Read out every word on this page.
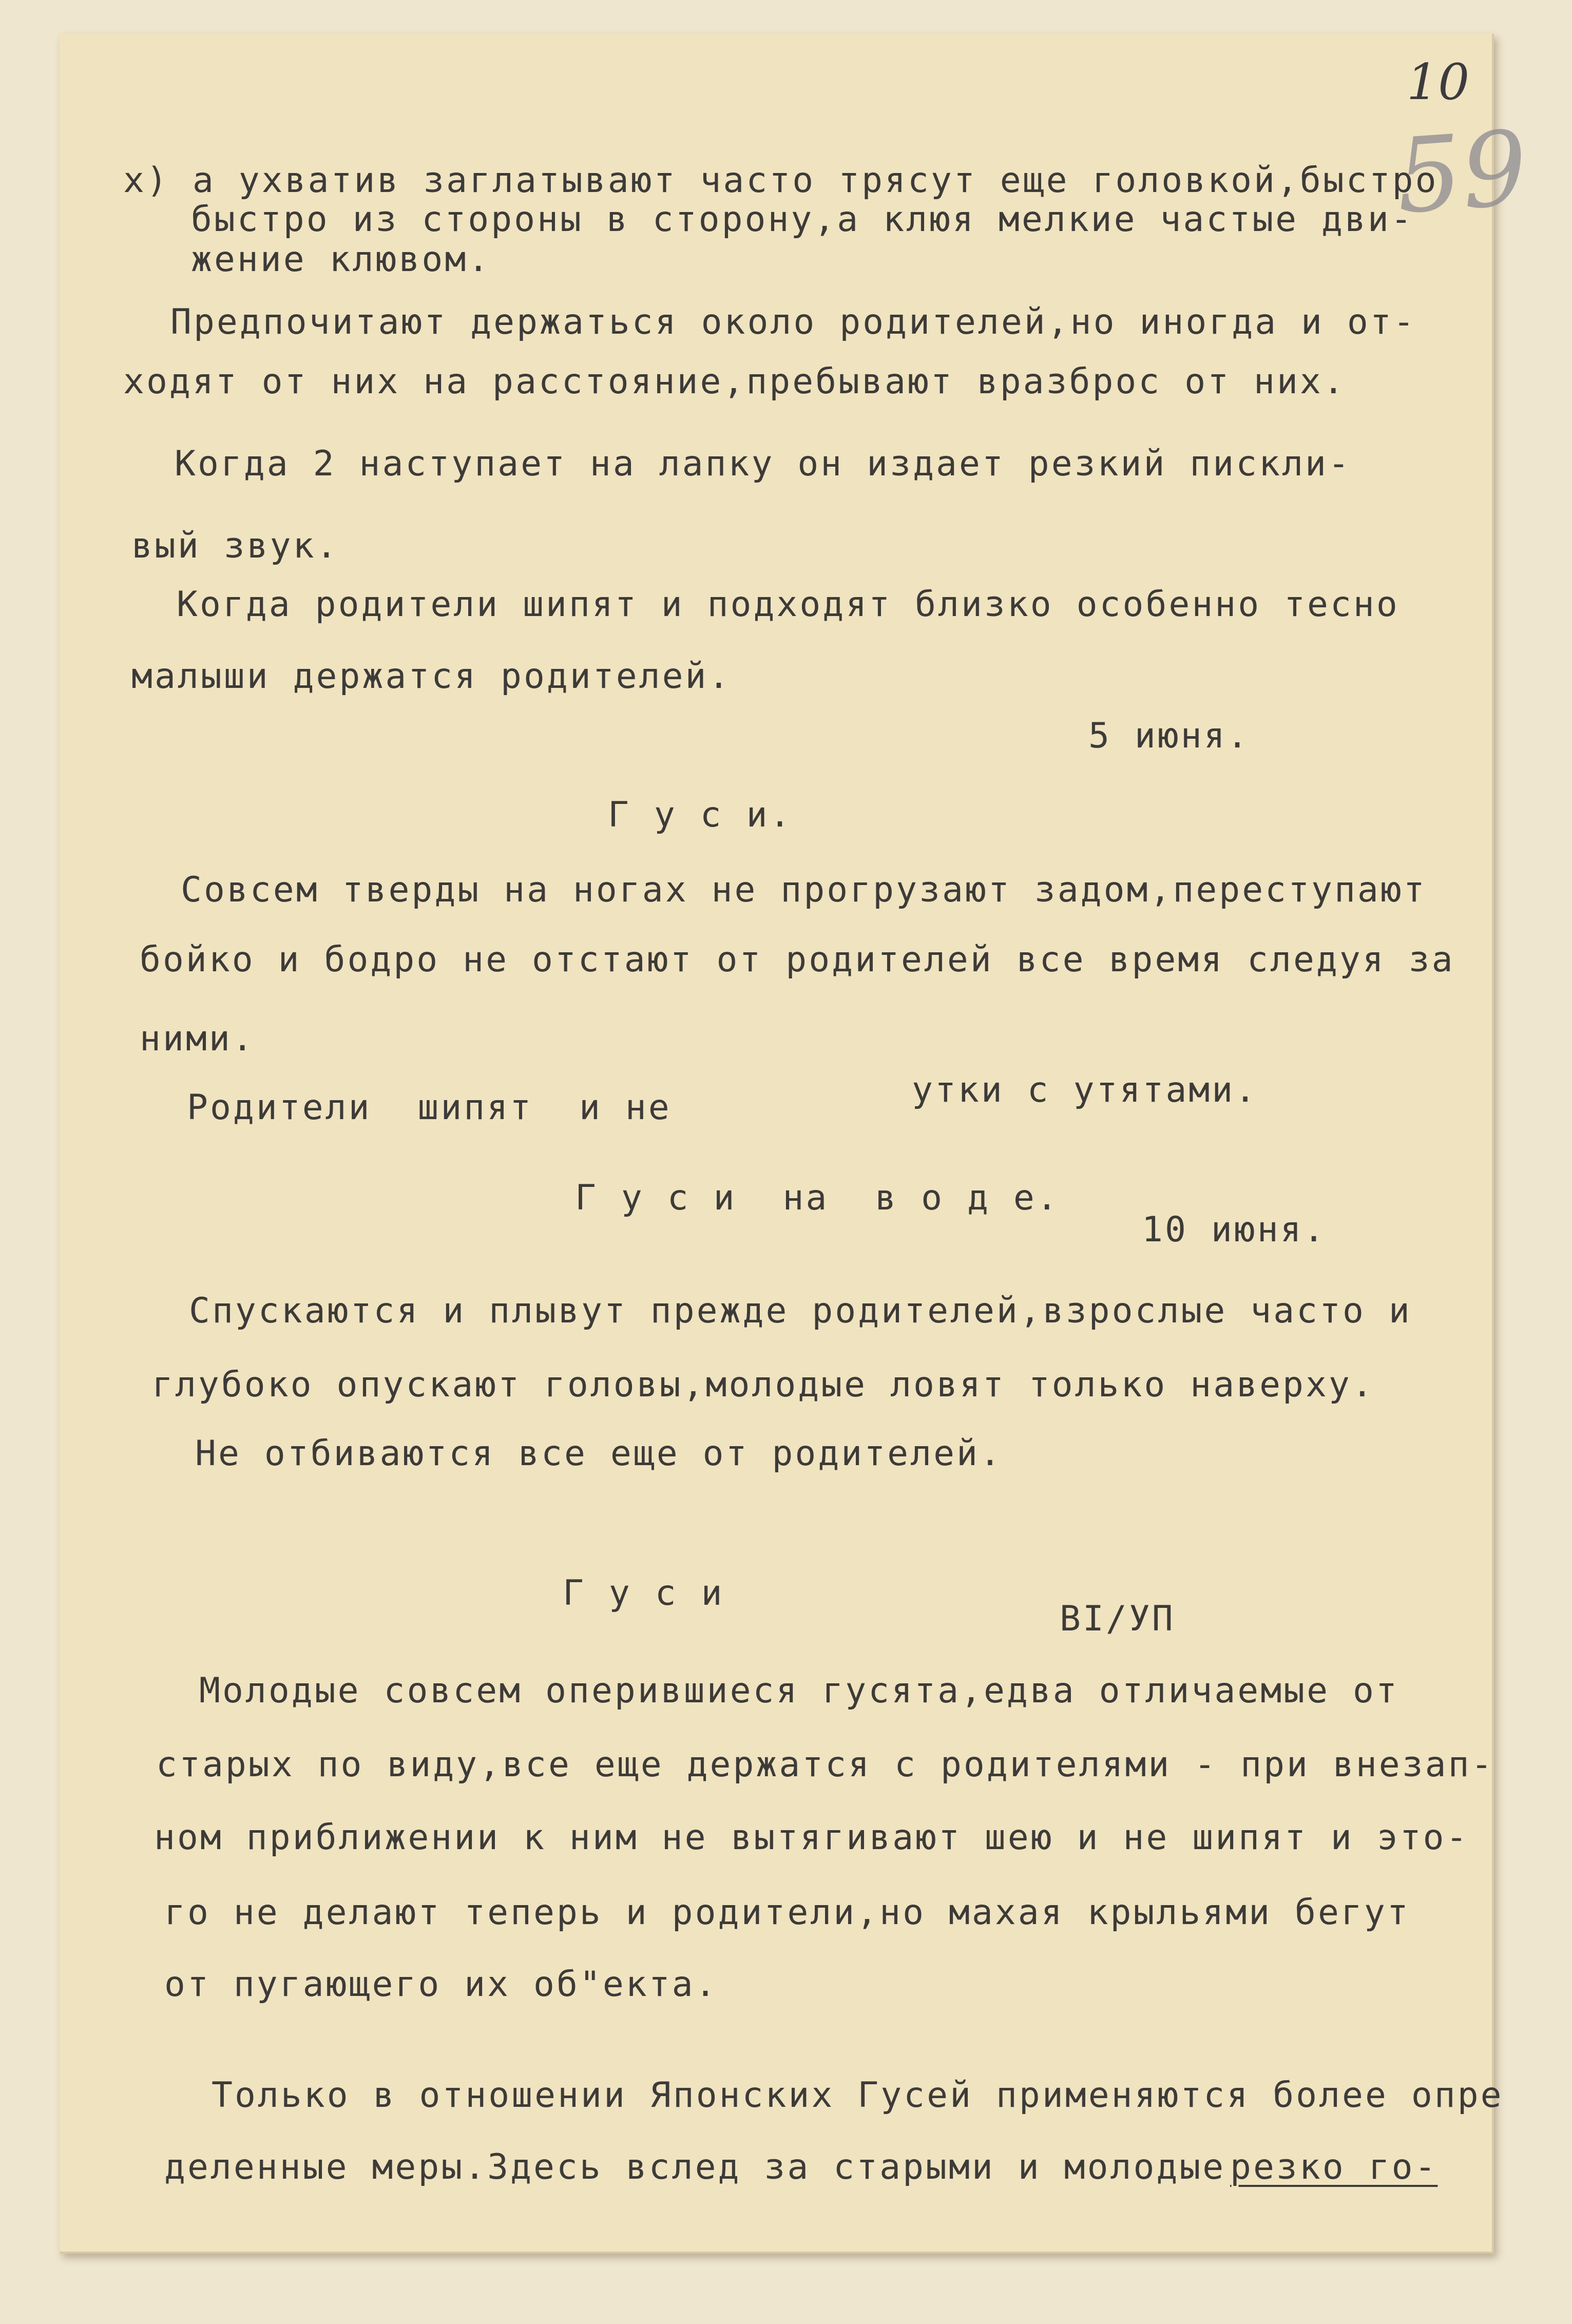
10
59
x) а ухватив заглатывают часто трясут еще головкой,быстро
быстро из стороны в сторону,а клюя мелкие частые дви-
жение клювом.
Предпочитают держаться около родителей,но иногда и от-
ходят от них на расстояние,пребывают вразброс от них.
Когда 2 наступает на лапку он издает резкий пискли-
вый звук.
Когда родители шипят и подходят близко особенно тесно
малыши держатся родителей.
5 июня.
Г у с и.
Совсем тверды на ногах не прогрузают задом,переступают
бойко и бодро не отстают от родителей все время следуя за
ними.
Родители  шипят  и не	утки с утятами.
Г у с и  на  в о д е.
10 июня.
Спускаются и плывут прежде родителей,взрослые часто и
глубоко опускают головы,молодые ловят только наверху.
Не отбиваются все еще от родителей.
Г у с и
ВI/УП
Молодые совсем оперившиеся гусята,едва отличаемые от
старых по виду,все еще держатся с родителями - при внезап-
ном приближении к ним не вытягивают шею и не шипят и это-
го не делают теперь и родители,но махая крыльями бегут
от пугающего их об"екта.
Только в отношении Японских Гусей применяются более опре
деленные меры.Здесь вслед за старыми и молодые резко го-
